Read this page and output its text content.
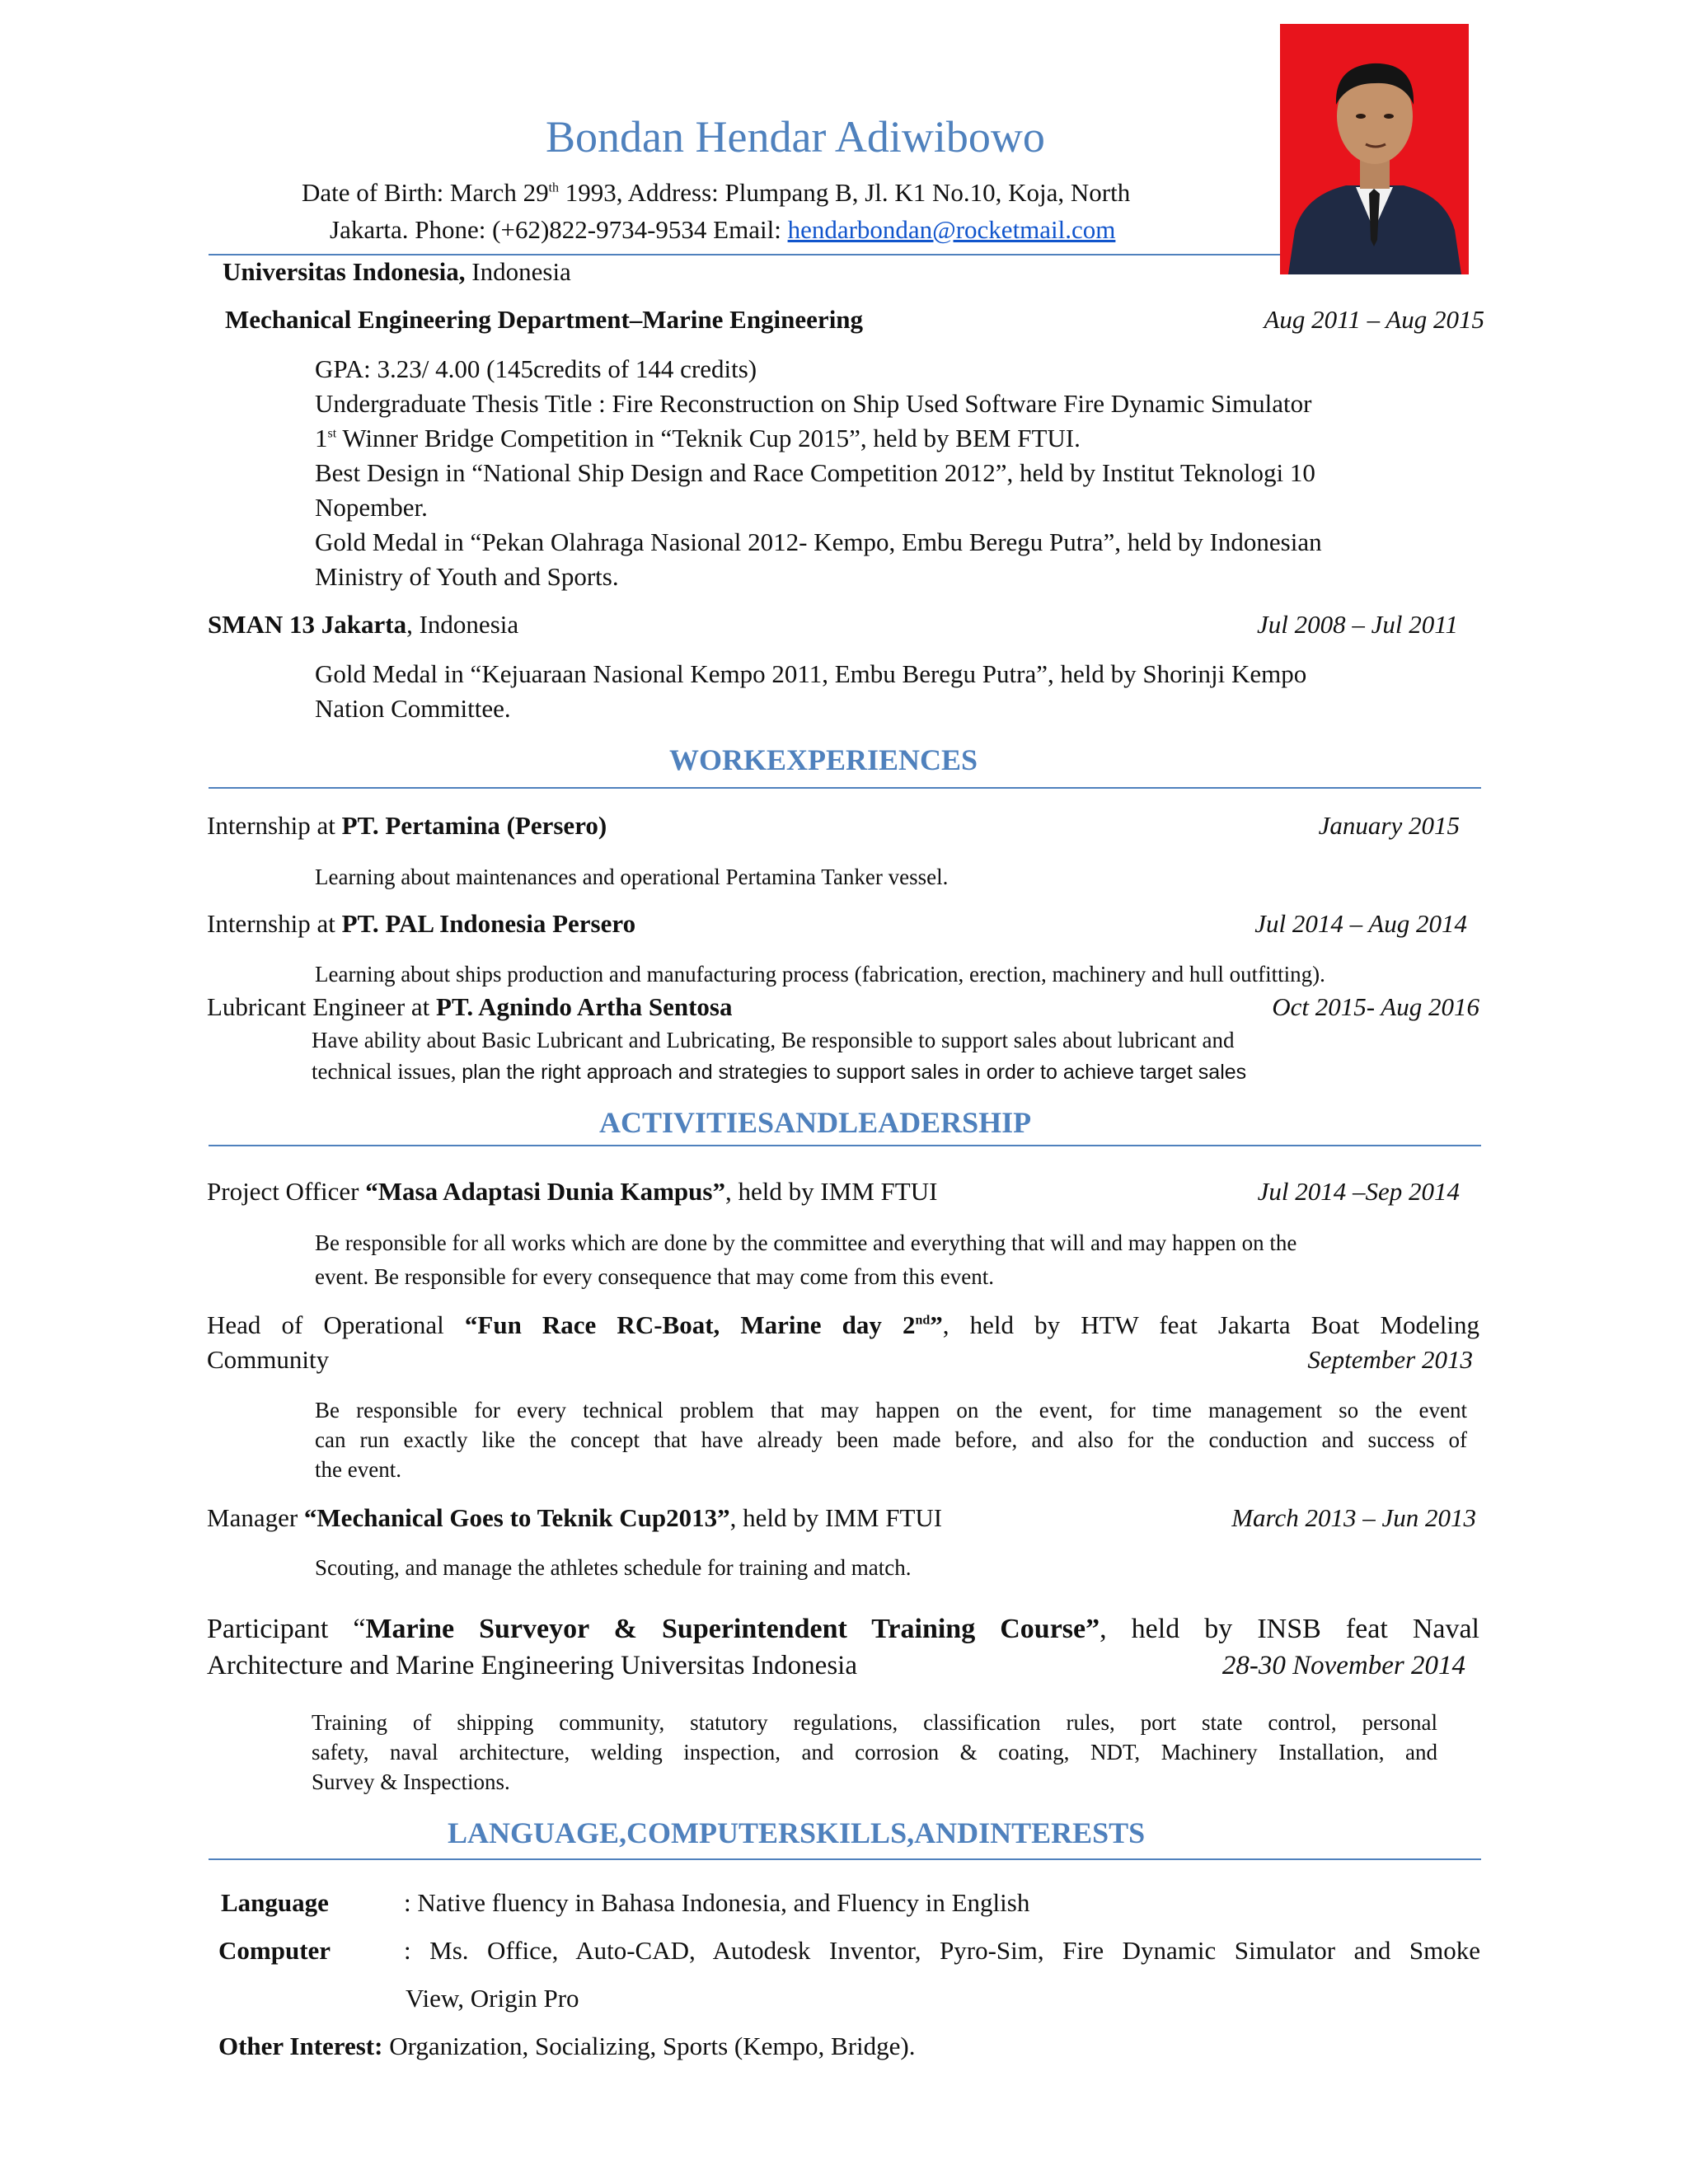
Bondan Hendar Adiwibowo
Date of Birth: March 29th 1993, Address: Plumpang B, Jl. K1 No.10, Koja, North
Jakarta. Phone: (+62)822-9734-9534 Email: hendarbondan@rocketmail.com
Universitas Indonesia, Indonesia
Mechanical Engineering Department–Marine Engineering	Aug 2011 – Aug 2015
GPA: 3.23/ 4.00 (145credits of 144 credits)
Undergraduate Thesis Title : Fire Reconstruction on Ship Used Software Fire Dynamic Simulator
1st Winner Bridge Competition in “Teknik Cup 2015”, held by BEM FTUI.
Best Design in “National Ship Design and Race Competition 2012”, held by Institut Teknologi 10
Nopember.
Gold Medal in “Pekan Olahraga Nasional 2012- Kempo, Embu Beregu Putra”, held by Indonesian
Ministry of Youth and Sports.
SMAN 13 Jakarta, Indonesia	Jul 2008 – Jul 2011
Gold Medal in “Kejuaraan Nasional Kempo 2011, Embu Beregu Putra”, held by Shorinji Kempo
Nation Committee.
WORKEXPERIENCES
Internship at PT. Pertamina (Persero)	January 2015
Learning about maintenances and operational Pertamina Tanker vessel.
Internship at PT. PAL Indonesia Persero	Jul 2014 – Aug 2014
Learning about ships production and manufacturing process (fabrication, erection, machinery and hull outfitting).
Lubricant Engineer at PT. Agnindo Artha Sentosa	Oct 2015- Aug 2016
Have ability about Basic Lubricant and Lubricating, Be responsible to support sales about lubricant and
technical issues, plan the right approach and strategies to support sales in order to achieve target sales
ACTIVITIESANDLEADERSHIP
Project Officer “Masa Adaptasi Dunia Kampus”, held by IMM FTUI	Jul 2014 –Sep 2014
Be responsible for all works which are done by the committee and everything that will and may happen on the
event. Be responsible for every consequence that may come from this event.
Head of Operational “Fun Race RC-Boat, Marine day 2nd”, held by HTW feat Jakarta Boat Modeling
Community	September 2013
Be responsible for every technical problem that may happen on the event, for time management so the event
can run exactly like the concept that have already been made before, and also for the conduction and success of
the event.
Manager “Mechanical Goes to Teknik Cup2013”, held by IMM FTUI	March 2013 – Jun 2013
Scouting, and manage the athletes schedule for training and match.
Participant “Marine Surveyor & Superintendent Training Course”, held by INSB feat Naval
Architecture and Marine Engineering Universitas Indonesia	28-30 November 2014
Training of shipping community, statutory regulations, classification rules, port state control, personal
safety, naval architecture, welding inspection, and corrosion & coating, NDT, Machinery Installation, and
Survey & Inspections.
LANGUAGE,COMPUTERSKILLS,ANDINTERESTS
Language	: Native fluency in Bahasa Indonesia, and Fluency in English
Computer	: Ms. Office, Auto-CAD, Autodesk Inventor, Pyro-Sim, Fire Dynamic Simulator and Smoke
View, Origin Pro
Other Interest: Organization, Socializing, Sports (Kempo, Bridge).
